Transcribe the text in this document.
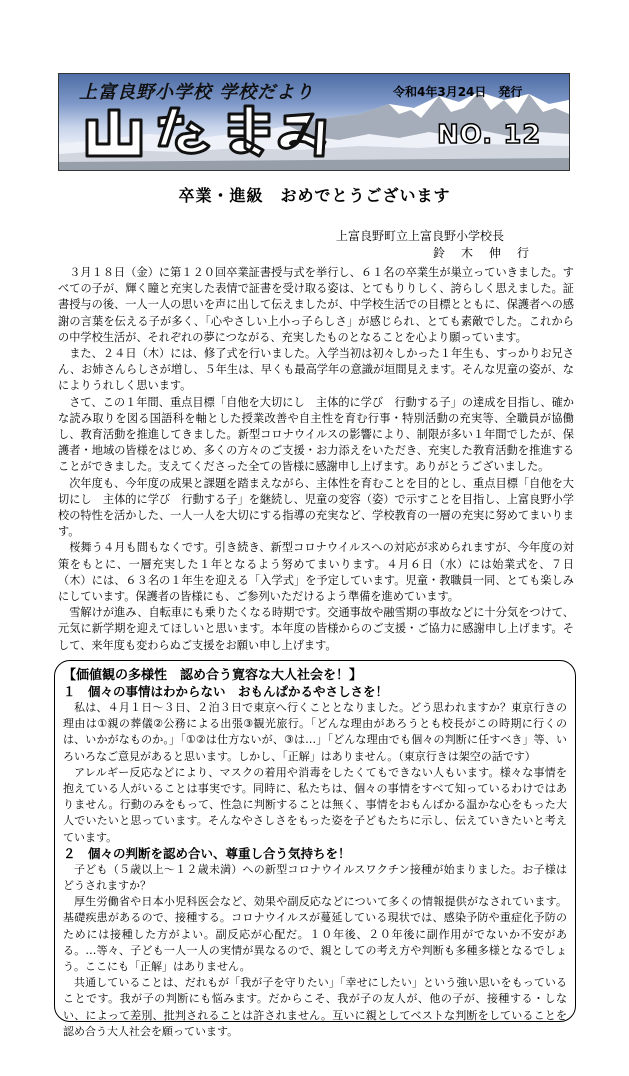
上富良野小学校 学校だより	令和4年3月24日　発行
NO. 12
卒業・進級　おめでとうございます
上富良野町立上富良野小学校長
鈴　木　伸　行

３月１８日（金）に第１２０回卒業証書授与式を挙行し、６１名の卒業生が巣立っていきました。すべての子が、輝く瞳と充実した表情で証書を受け取る姿は、とてもりりしく、誇らしく思えました。証書授与の後、一人一人の思いを声に出して伝えましたが、中学校生活での目標とともに、保護者への感謝の言葉を伝える子が多く、「心やさしい上小っ子らしさ」が感じられ、とても素敵でした。これからの中学校生活が、それぞれの夢につながる、充実したものとなることを心より願っています。

また、２４日（木）には、修了式を行いました。入学当初は初々しかった１年生も、すっかりお兄さん、お姉さんらしさが増し、５年生は、早くも最高学年の意識が垣間見えます。そんな児童の姿が、なによりうれしく思います。

さて、この１年間、重点目標「自他を大切にし　主体的に学び　行動する子」の達成を目指し、確かな読み取りを図る国語科を軸とした授業改善や自主性を育む行事・特別活動の充実等、全職員が協働し、教育活動を推進してきました。新型コロナウイルスの影響により、制限が多い１年間でしたが、保護者・地域の皆様をはじめ、多くの方々のご支援・お力添えをいただき、充実した教育活動を推進することができました。支えてくださった全ての皆様に感謝申し上げます。ありがとうございました。

次年度も、今年度の成果と課題を踏まえながら、主体性を育むことを目的とし、重点目標「自他を大切にし　主体的に学び　行動する子」を継続し、児童の変容（姿）で示すことを目指し、上富良野小学校の特性を活かした、一人一人を大切にする指導の充実など、学校教育の一層の充実に努めてまいります。

桜舞う４月も間もなくです。引き続き、新型コロナウイルスへの対応が求められますが、今年度の対策をもとに、一層充実した１年となるよう努めてまいります。４月６日（水）には始業式を、７日（木）には、６３名の１年生を迎える「入学式」を予定しています。児童・教職員一同、とても楽しみにしています。保護者の皆様にも、ご参列いただけるよう準備を進めています。

雪解けが進み、自転車にも乗りたくなる時期です。交通事故や融雪期の事故などに十分気をつけて、元気に新学期を迎えてほしいと思います。本年度の皆様からのご支援・ご協力に感謝申し上げます。そして、来年度も変わらぬご支援をお願い申し上げます。

【価値観の多様性　認め合う寛容な大人社会を！】

１　個々の事情はわからない　おもんぱかるやさしさを！

私は、４月１日～３日、２泊３日で東京へ行くこととなりました。どう思われますか？東京行きの理由は①親の葬儀②公務による出張③観光旅行。「どんな理由があろうとも校長がこの時期に行くのは、いかがなものか。」「①②は仕方ないが、③は…」「どんな理由でも個々の判断に任すべき」等、いろいろなご意見があると思います。しかし、「正解」はありません。（東京行きは架空の話です）

アレルギー反応などにより、マスクの着用や消毒をしたくてもできない人もいます。様々な事情を抱えている人がいることは事実です。同時に、私たちは、個々の事情をすべて知っているわけではありません。行動のみをもって、性急に判断することは無く、事情をおもんぱかる温かな心をもった大人でいたいと思っています。そんなやさしさをもった姿を子どもたちに示し、伝えていきたいと考えています。

２　個々の判断を認め合い、尊重し合う気持ちを！

子ども（５歳以上～１２歳未満）への新型コロナウイルスワクチン接種が始まりました。お子様はどうされますか？

厚生労働省や日本小児科医会など、効果や副反応などについて多くの情報提供がなされています。基礎疾患があるので、接種する。コロナウイルスが蔓延している現状では、感染予防や重症化予防のためには接種した方がよい。副反応が心配だ。１０年後、２０年後に副作用がでないか不安がある。…等々、子ども一人一人の実情が異なるので、親としての考え方や判断も多種多様となるでしょう。ここにも「正解」はありません。

共通していることは、だれもが「我が子を守りたい」「幸せにしたい」という強い思いをもっていることです。我が子の判断にも悩みます。だからこそ、我が子の友人が、他の子が、接種する・しない、によって差別、批判されることは許されません。互いに親としてベストな判断をしていることを認め合う大人社会を願っています。
